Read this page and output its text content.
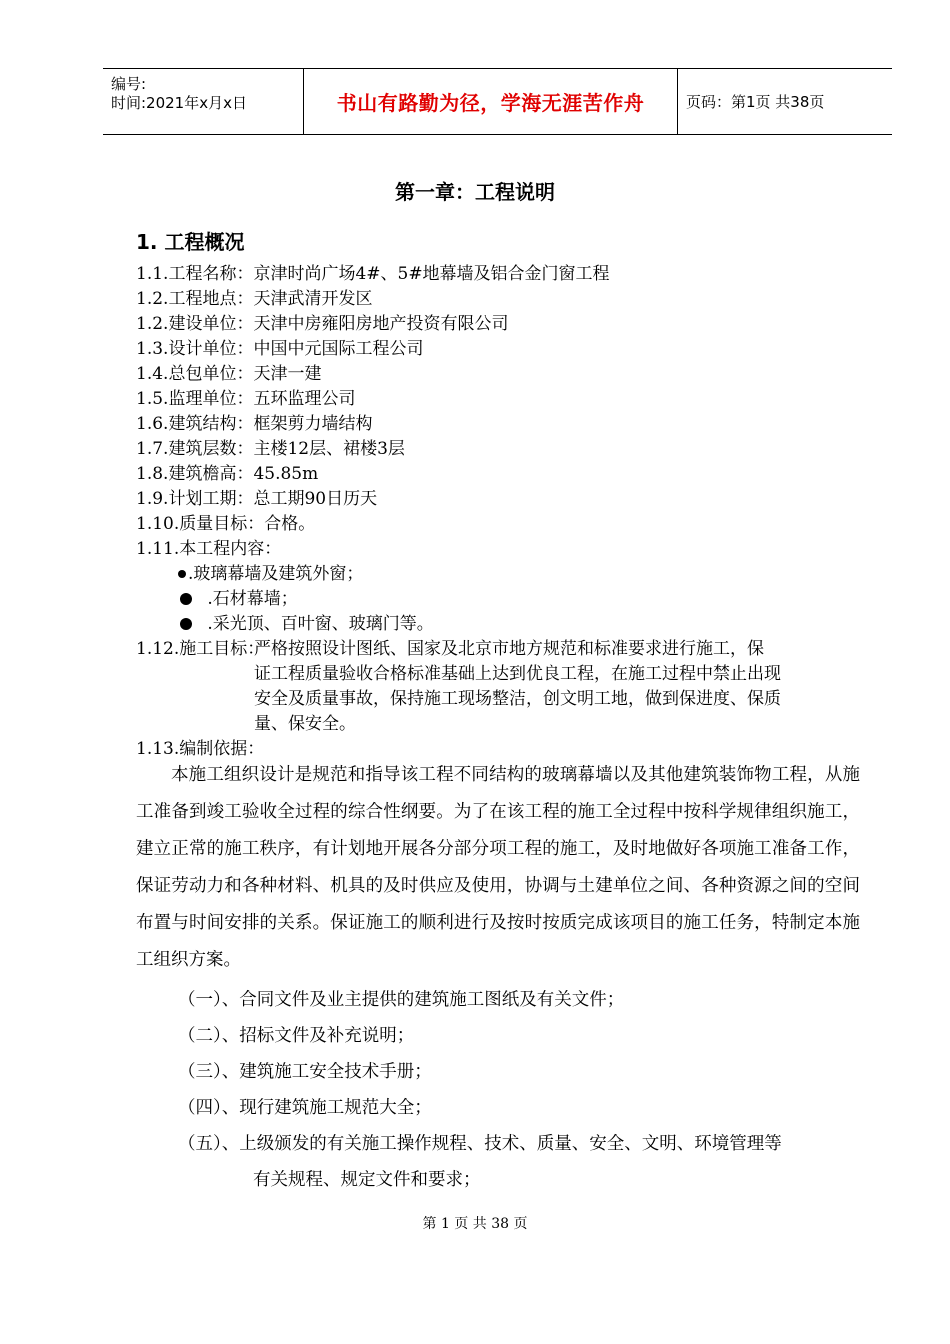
编号:
时间:2021年x月x日	书山有路勤为径，学海无涯苦作舟	页码：第1页 共38页
第一章：工程说明
1. 工程概况
1.1.工程名称：京津时尚广场4#、5#地幕墙及铝合金门窗工程
1.2.工程地点：天津武清开发区
1.2.建设单位：天津中房雍阳房地产投资有限公司
1.3.设计单位：中国中元国际工程公司
1.4.总包单位：天津一建
1.5.监理单位：五环监理公司
1.6.建筑结构：框架剪力墙结构
1.7.建筑层数：主楼12层、裙楼3层
1.8.建筑檐高：45.85m
1.9.计划工期：总工期90日历天
1.10.质量目标：合格。
1.11.本工程内容：
.玻璃幕墙及建筑外窗；
.石材幕墙；
.采光顶、百叶窗、玻璃门等。
1.12.施工目标：
严格按照设计图纸、国家及北京市地方规范和标准要求进行施工，保
证工程质量验收合格标准基础上达到优良工程，在施工过程中禁止出现
安全及质量事故，保持施工现场整洁，创文明工地，做到保进度、保质
量、保安全。
1.13.编制依据：
本施工组织设计是规范和指导该工程不同结构的玻璃幕墙以及其他建筑装饰物工程，从施工准备到竣工验收全过程的综合性纲要。为了在该工程的施工全过程中按科学规律组织施工，建立正常的施工秩序，有计划地开展各分部分项工程的施工，及时地做好各项施工准备工作，保证劳动力和各种材料、机具的及时供应及使用，协调与土建单位之间、各种资源之间的空间布置与时间安排的关系。保证施工的顺利进行及按时按质完成该项目的施工任务，特制定本施工组织方案。
（一）、合同文件及业主提供的建筑施工图纸及有关文件；
（二）、招标文件及补充说明；
（三）、建筑施工安全技术手册；
（四）、现行建筑施工规范大全；
（五）、上级颁发的有关施工操作规程、技术、质量、安全、文明、环境管理等
有关规程、规定文件和要求；
第 1 页 共 38 页
